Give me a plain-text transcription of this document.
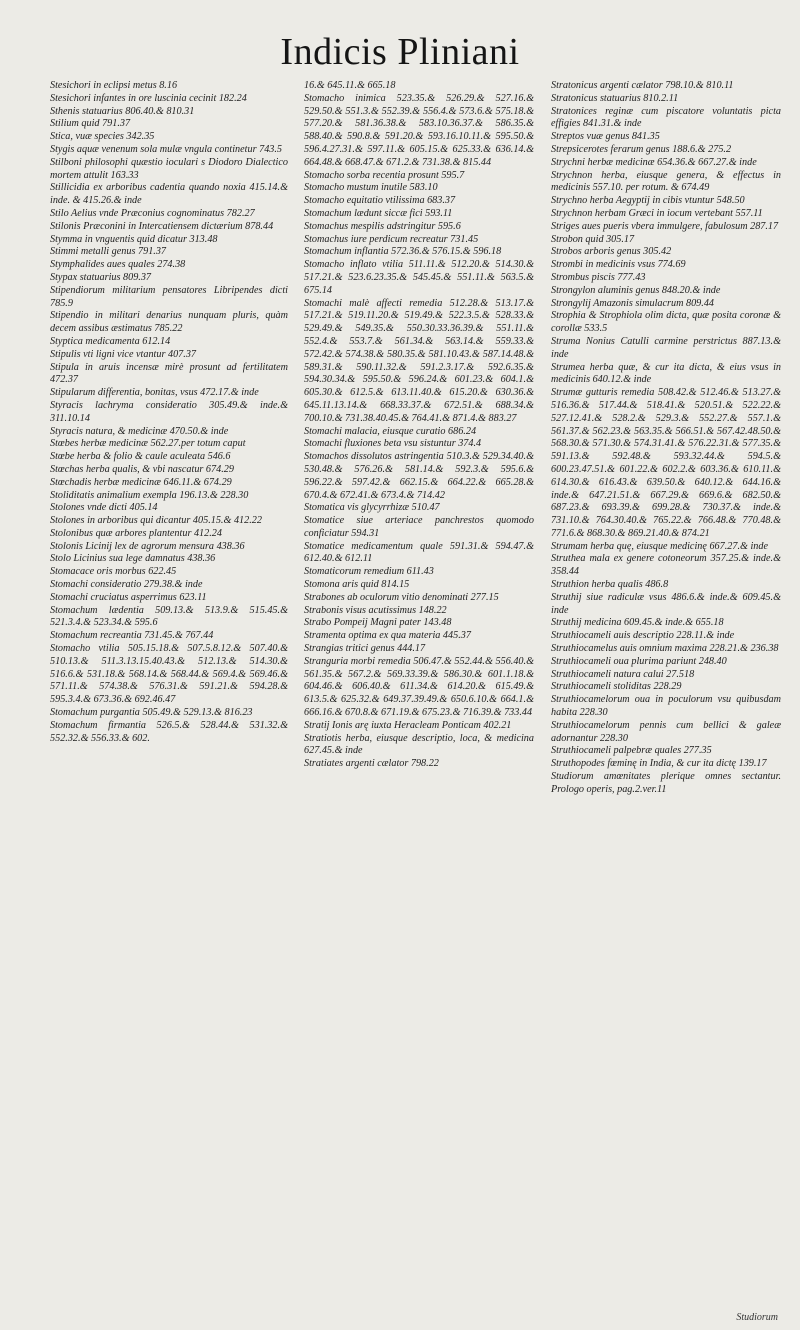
Indicis Pliniani

Stesichori in eclipsi metus 8.16

Stesichori infantes in ore luscinia cecinit 182.24

Sthenis statuarius 806.40.& 810.31

Stilium quid 791.37

Stica, vuæ species 342.35

Stygis aquæ venenum sola mulæ vngula continetur 743.5

Stilboni philosophi quæstio ioculari s Diodoro Dialectico mortem attulit 163.33

Stillicidia ex arboribus cadentia quando noxia 415.14.& inde. & 415.26.& inde

Stilo Aelius vnde Præconius cognominatus 782.27

Stilonis Præconini in Intercatiensem dictærium 878.44

Stymma in vnguentis quid dicatur 313.48

Stimmi metalli genus 791.37

Stymphalides aues quales 274.38

Stypax statuarius 809.37

Stipendiorum militarium pensatores Libripendes dicti 785.9

Stipendio in militari denarius nunquam pluris, quàm decem assibus æstimatus 785.22

Styptica medicamenta 612.14

Stipulis vti ligni vice vtantur 407.37

Stipula in aruis incensæ mirè prosunt ad fertilitatem 472.37

Stipularum differentia, bonitas, vsus 472.17.& inde

Styracis lachryma consideratio 305.49.& inde.& 311.10.14

Styracis natura, & medicinæ 470.50.& inde

Stœbes herbæ medicinæ 562.27.per totum caput

Stœbe herba & folio & caule aculeata 546.6

Stœchas herba qualis, & vbi nascatur 674.29

Stœchadis herbæ medicinæ 646.11.& 674.29

Stoliditatis animalium exempla 196.13.& 228.30

Stolones vnde dicti 405.14

Stolones in arboribus qui dicantur 405.15.& 412.22

Stolonibus quæ arbores plantentur 412.24

Stolonis Licinij lex de agrorum mensura 438.36

Stolo Licinius sua lege damnatus 438.36

Stomacace oris morbus 622.45

Stomachi consideratio 279.38.& inde

Stomachi cruciatus asperrimus 623.11

Stomachum lædentia 509.13.& 513.9.& 515.45.& 521.3.4.& 523.34.& 595.6

Stomachum recreantia 731.45.& 767.44

Stomacho vtilia 505.15.18.& 507.5.8.12.& 507.40.& 510.13.& 511.3.13.15.40.43.& 512.13.& 514.30.& 516.6.& 531.18.& 568.14.& 568.44.& 569.4.& 569.46.& 571.11.& 574.38.& 576.31.& 591.21.& 594.28.& 595.3.4.& 673.36.& 692.46.47

Stomachum purgantia 505.49.& 529.13.& 816.23

Stomachum firmantia 526.5.& 528.44.& 531.32.& 552.32.& 556.33.& 602.

16.& 645.11.& 665.18

Stomacho inimica 523.35.& 526.29.& 527.16.& 529.50.& 551.3.& 552.39.& 556.4.& 573.6.& 575.18.& 577.20.& 581.36.38.& 583.10.36.37.& 586.35.& 588.40.& 590.8.& 591.20.& 593.16.10.11.& 595.50.& 596.4.27.31.& 597.11.& 605.15.& 625.33.& 636.14.& 664.48.& 668.47.& 671.2.& 731.38.& 815.44

Stomacho sorba recentia prosunt 595.7

Stomacho mustum inutile 583.10

Stomacho equitatio vtilissima 683.37

Stomachum lædunt siccæ fici 593.11

Stomachus mespilis adstringitur 595.6

Stomachus iure perdicum recreatur 731.45

Stomachum inflantia 572.36.& 576.15.& 596.18

Stomacho inflato vtilia 511.11.& 512.20.& 514.30.& 517.21.& 523.6.23.35.& 545.45.& 551.11.& 563.5.& 675.14

Stomachi malè affecti remedia 512.28.& 513.17.& 517.21.& 519.11.20.& 519.49.& 522.3.5.& 528.33.& 529.49.& 549.35.& 550.30.33.36.39.& 551.11.& 552.4.& 553.7.& 561.34.& 563.14.& 559.33.& 572.42.& 574.38.& 580.35.& 581.10.43.& 587.14.48.& 589.31.& 590.11.32.& 591.2.3.17.& 592.6.35.& 594.30.34.& 595.50.& 596.24.& 601.23.& 604.1.& 605.30.& 612.5.& 613.11.40.& 615.20.& 630.36.& 645.11.13.14.& 668.33.37.& 672.51.& 688.34.& 700.10.& 731.38.40.45.& 764.41.& 871.4.& 883.27

Stomachi malacia, eiusque curatio 686.24

Stomachi fluxiones beta vsu sistuntur 374.4

Stomachos dissolutos astringentia 510.3.& 529.34.40.& 530.48.& 576.26.& 581.14.& 592.3.& 595.6.& 596.22.& 597.42.& 662.15.& 664.22.& 665.28.& 670.4.& 672.41.& 673.4.& 714.42

Stomatica vis glycyrrhizæ 510.47

Stomatice siue arteriace panchrestos quomodo conficiatur 594.31

Stomatice medicamentum quale 591.31.& 594.47.& 612.40.& 612.11

Stomaticorum remedium 611.43

Stomona aris quid 814.15

Strabones ab oculorum vitio denominati 277.15

Strabonis visus acutissimus 148.22

Strabo Pompeij Magni pater 143.48

Stramenta optima ex qua materia 445.37

Strangias tritici genus 444.17

Stranguria morbi remedia 506.47.& 552.44.& 556.40.& 561.35.& 567.2.& 569.33.39.& 586.30.& 601.1.18.& 604.46.& 606.40.& 611.34.& 614.20.& 615.49.& 613.5.& 625.32.& 649.37.39.49.& 650.6.10.& 664.1.& 666.16.& 670.8.& 671.19.& 675.23.& 716.39.& 733.44

Stratij Ionis arę iuxta Heracleam Ponticam 402.21

Stratiotis herba, eiusque descriptio, loca, & medicina 627.45.& inde

Stratiates argenti cælator 798.22

Stratonicus argenti cælator 798.10.& 810.11

Stratonicus statuarius 810.2.11

Stratonices reginæ cum piscatore voluntatis picta effigies 841.31.& inde

Streptos vuæ genus 841.35

Strepsicerotes ferarum genus 188.6.& 275.2

Strychni herbæ medicinæ 654.36.& 667.27.& inde

Strychnon herba, eiusque genera, & effectus in medicinis 557.10. per rotum. & 674.49

Strychno herba Aegyptij in cibis vtuntur 548.50

Strychnon herbam Græci in iocum vertebant 557.11

Striges aues pueris vbera immulgere, fabulosum 287.17

Strobon quid 305.17

Strobos arboris genus 305.42

Strombi in medicinis vsus 774.69

Strombus piscis 777.43

Strongylon aluminis genus 848.20.& inde

Strongylij Amazonis simulacrum 809.44

Strophia & Strophiola olim dicta, quæ posita coronæ & corollæ 533.5

Struma Nonius Catulli carmine perstrictus 887.13.& inde

Strumea herba quæ, & cur ita dicta, & eius vsus in medicinis 640.12.& inde

Strumæ gutturis remedia 508.42.& 512.46.& 513.27.& 516.36.& 517.44.& 518.41.& 520.51.& 522.22.& 527.12.41.& 528.2.& 529.3.& 552.27.& 557.1.& 561.37.& 562.23.& 563.35.& 566.51.& 567.42.48.50.& 568.30.& 571.30.& 574.31.41.& 576.22.31.& 577.35.& 591.13.& 592.48.& 593.32.44.& 594.5.& 600.23.47.51.& 601.22.& 602.2.& 603.36.& 610.11.& 614.30.& 616.43.& 639.50.& 640.12.& 644.16.& inde.& 647.21.51.& 667.29.& 669.6.& 682.50.& 687.23.& 693.39.& 699.28.& 730.37.& inde.& 731.10.& 764.30.40.& 765.22.& 766.48.& 770.48.& 771.6.& 868.30.& 869.21.40.& 874.21

Strumam herba quę, eiusque medicinę 667.27.& inde

Struthea mala ex genere cotoneorum 357.25.& inde.& 358.44

Struthion herba qualis 486.8

Struthij siue radiculæ vsus 486.6.& inde.& 609.45.& inde

Struthij medicina 609.45.& inde.& 655.18

Struthiocameli auis descriptio 228.11.& inde

Struthiocamelus auis omnium maxima 228.21.& 236.38

Struthiocameli oua plurima pariunt 248.40

Struthiocameli natura calui 27.518

Struthiocameli stoliditas 228.29

Struthiocamelorum oua in poculorum vsu quibusdam habita 228.30

Struthiocamelorum pennis cum bellici & galeæ adornantur 228.30

Struthiocameli palpebræ quales 277.35

Struthopodes fœminę in India, & cur ita dictę 139.17

Studiorum amœnitates plerique omnes sectantur. Prologo operis, pag.2.ver.11

Studiorum
